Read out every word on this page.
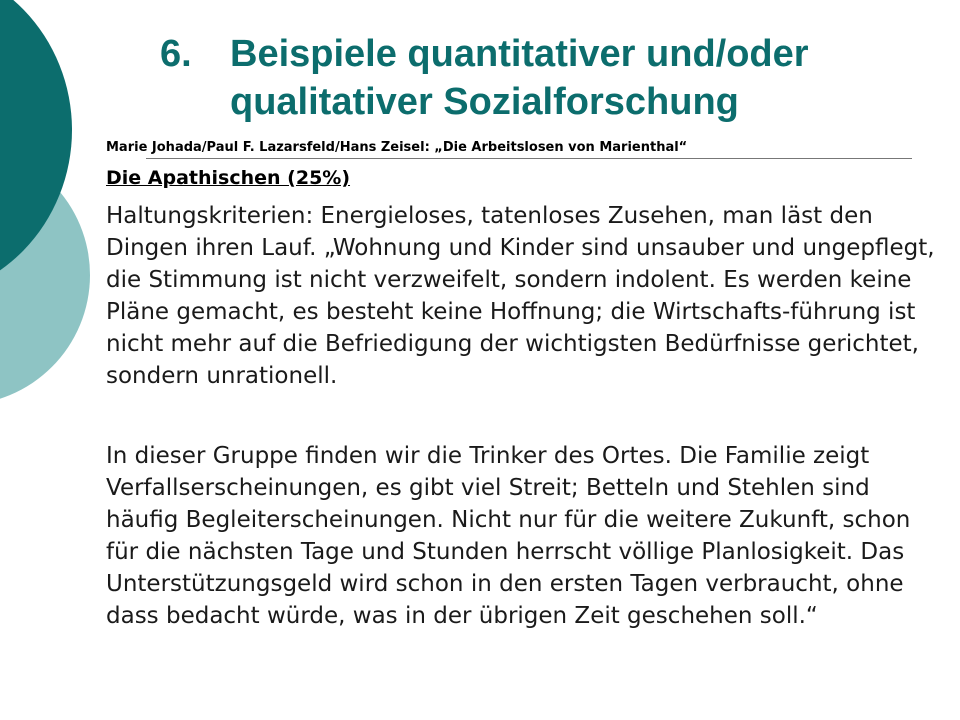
6. Beispiele quantitativer und/oder qualitativer Sozialforschung
Marie Johada/Paul F. Lazarsfeld/Hans Zeisel: „Die Arbeitslosen von Marienthal“
Die Apathischen (25%)

Haltungskriterien: Energieloses, tatenloses Zusehen, man läst den Dingen ihren Lauf. „Wohnung und Kinder sind unsauber und ungepflegt, die Stimmung ist nicht verzweifelt, sondern indolent. Es werden keine Pläne gemacht, es besteht keine Hoffnung; die Wirtschafts-führung ist nicht mehr auf die Befriedigung der wichtigsten Bedürfnisse gerichtet, sondern unrationell.

In dieser Gruppe finden wir die Trinker des Ortes. Die Familie zeigt Verfallserscheinungen, es gibt viel Streit; Betteln und Stehlen sind häufig Begleiterscheinungen. Nicht nur für die weitere Zukunft, schon für die nächsten Tage und Stunden herrscht völlige Planlosigkeit. Das Unterstützungsgeld wird schon in den ersten Tagen verbraucht, ohne dass bedacht würde, was in der übrigen Zeit geschehen soll.“
